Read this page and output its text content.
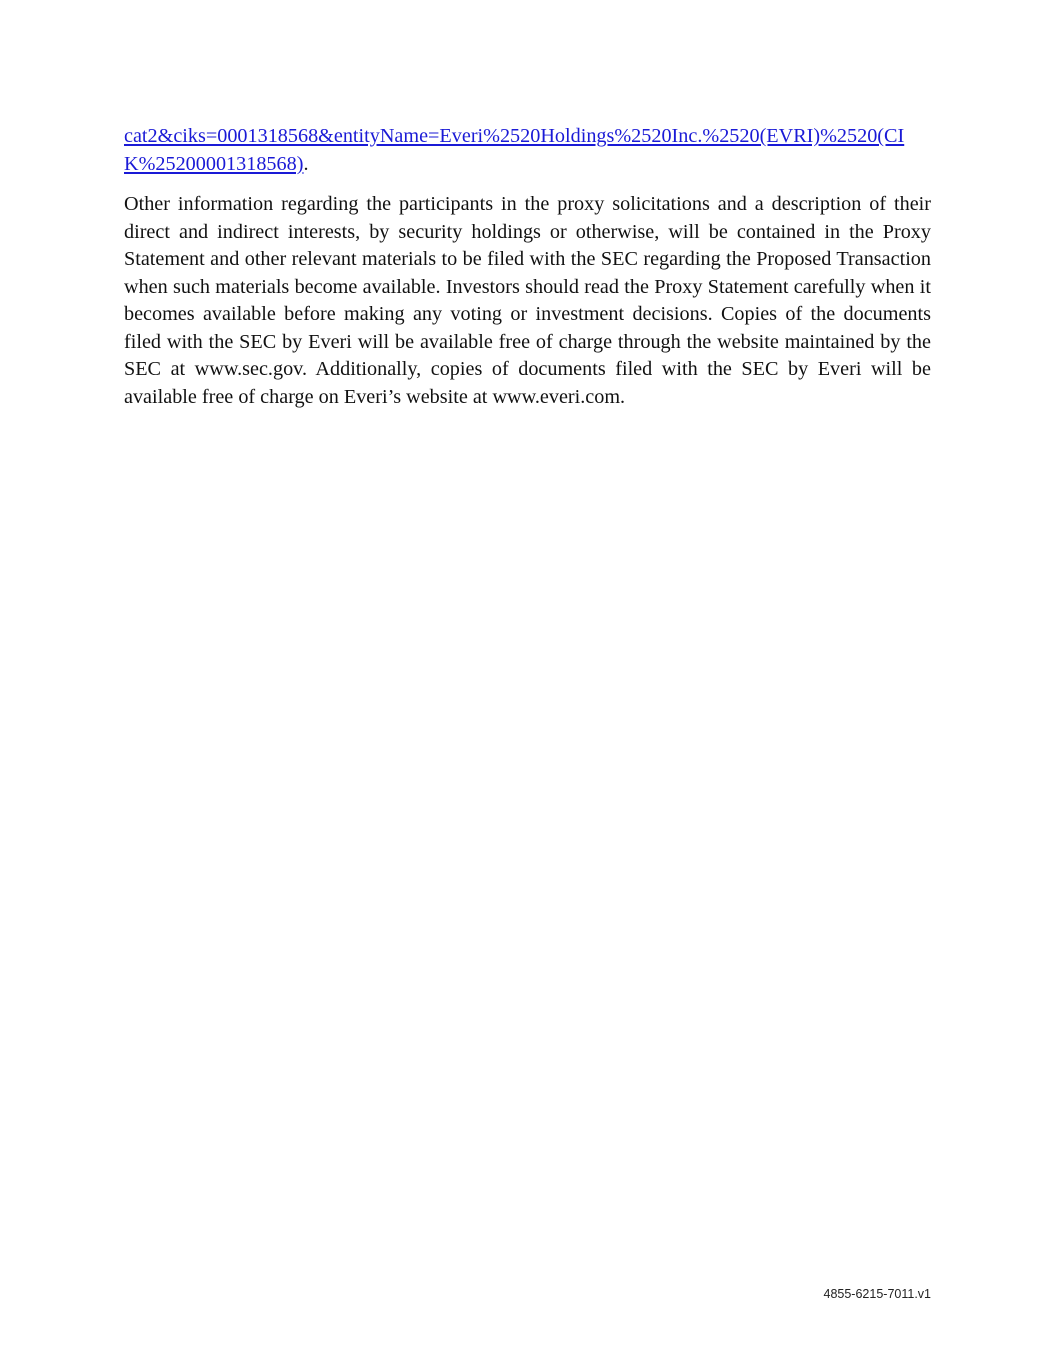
cat2&ciks=0001318568&entityName=Everi%2520Holdings%2520Inc.%2520(EVRI)%2520(CI
K%25200001318568).

Other information regarding the participants in the proxy solicitations and a description of their direct and indirect interests, by security holdings or otherwise, will be contained in the Proxy Statement and other relevant materials to be filed with the SEC regarding the Proposed Transaction when such materials become available. Investors should read the Proxy Statement carefully when it becomes available before making any voting or investment decisions. Copies of the documents filed with the SEC by Everi will be available free of charge through the website maintained by the SEC at www.sec.gov. Additionally, copies of documents filed with the SEC by Everi will be available free of charge on Everi’s website at www.everi.com.

4855-6215-7011.v1
